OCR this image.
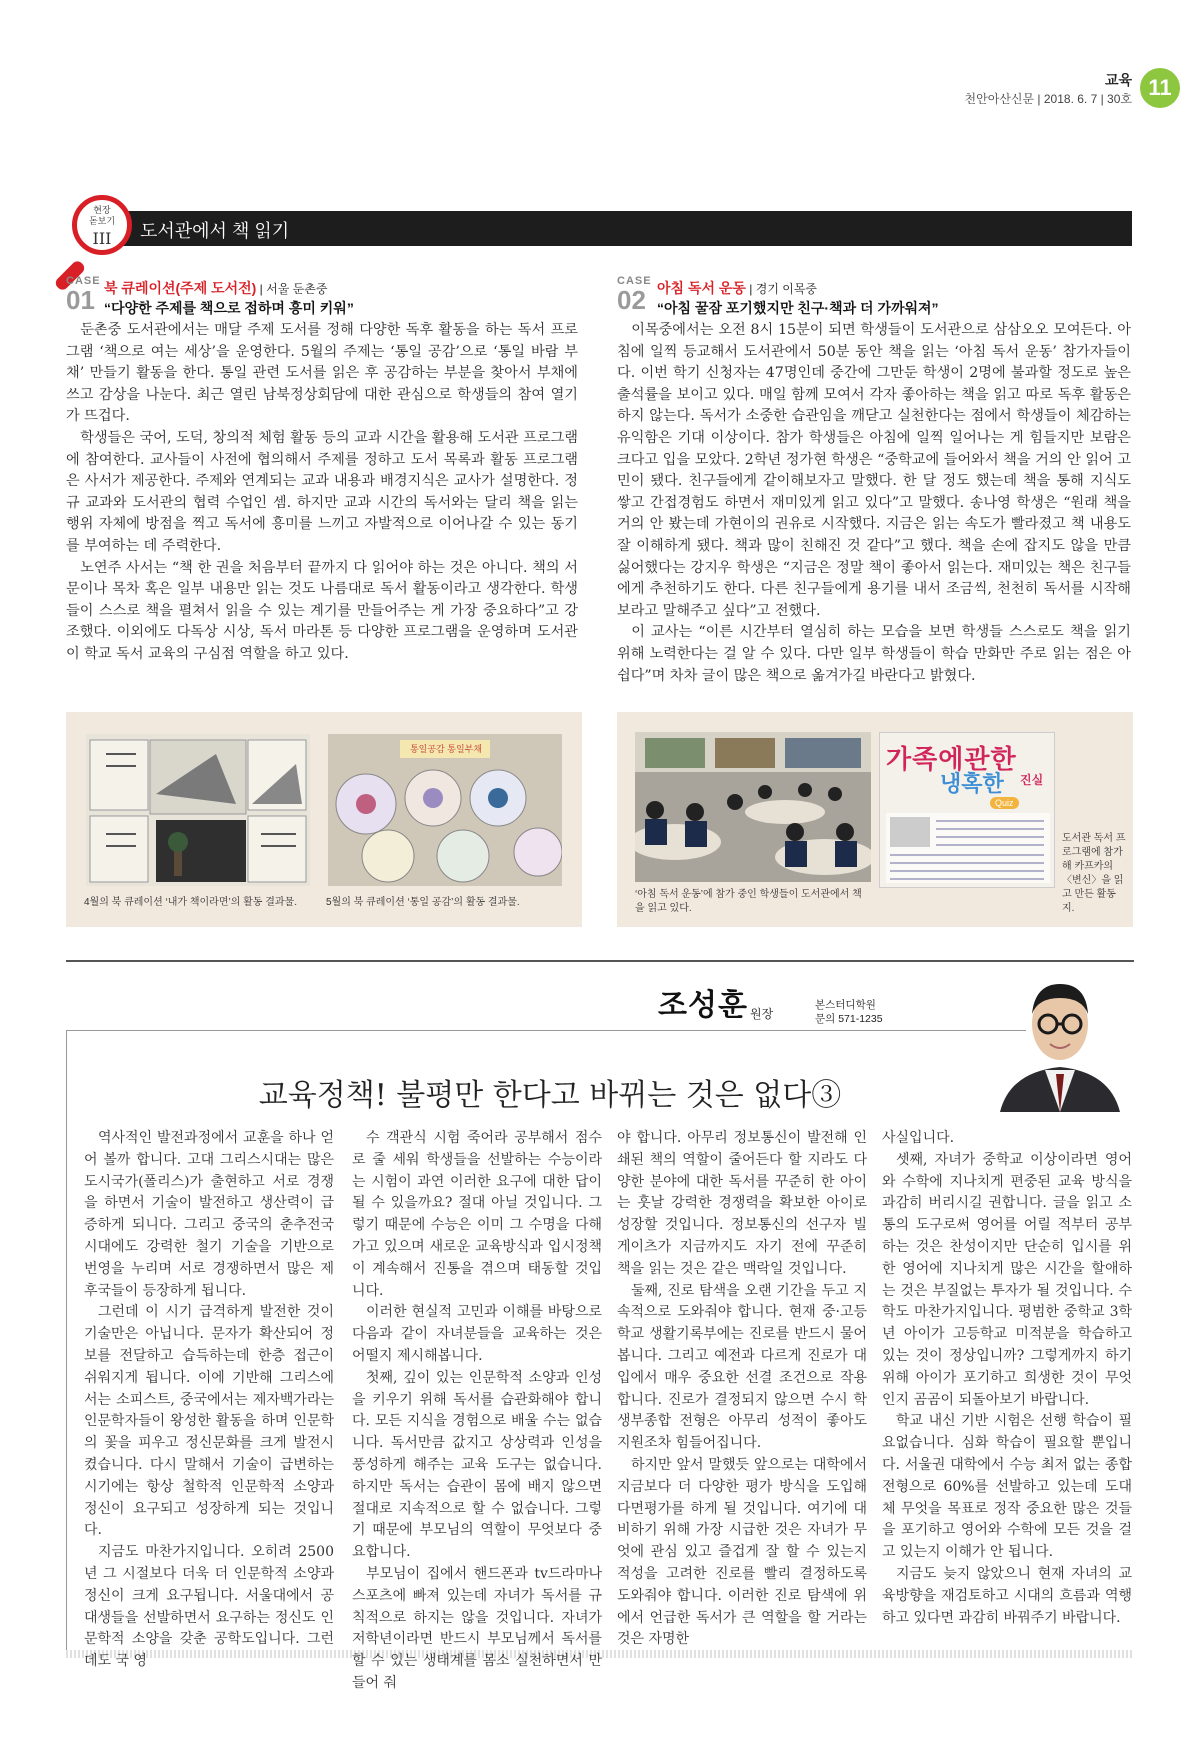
교육
천안아산신문 | 2018. 6. 7 | 30호 11
도서관에서 책 읽기
현장
돋보기
III
CASE
01 북 큐레이션(주제 도서전) | 서울 둔촌중
“다양한 주제를 책으로 접하며 흥미 키워”

둔촌중 도서관에서는 매달 주제 도서를 정해 다양한 독후 활동을 하는 독서 프로그램 ‘책으로 여는 세상’을 운영한다. 5월의 주제는 ‘통일 공감’으로 ‘통일 바람 부채’ 만들기 활동을 한다. 통일 관련 도서를 읽은 후 공감하는 부분을 찾아서 부채에 쓰고 감상을 나눈다. 최근 열린 남북정상회담에 대한 관심으로 학생들의 참여 열기가 뜨겁다.

학생들은 국어, 도덕, 창의적 체험 활동 등의 교과 시간을 활용해 도서관 프로그램에 참여한다. 교사들이 사전에 협의해서 주제를 정하고 도서 목록과 활동 프로그램은 사서가 제공한다. 주제와 연계되는 교과 내용과 배경지식은 교사가 설명한다. 정규 교과와 도서관의 협력 수업인 셈. 하지만 교과 시간의 독서와는 달리 책을 읽는 행위 자체에 방점을 찍고 독서에 흥미를 느끼고 자발적으로 이어나갈 수 있는 동기를 부여하는 데 주력한다.

노연주 사서는 “책 한 권을 처음부터 끝까지 다 읽어야 하는 것은 아니다. 책의 서문이나 목차 혹은 일부 내용만 읽는 것도 나름대로 독서 활동이라고 생각한다. 학생들이 스스로 책을 펼쳐서 읽을 수 있는 계기를 만들어주는 게 가장 중요하다”고 강조했다. 이외에도 다독상 시상, 독서 마라톤 등 다양한 프로그램을 운영하며 도서관이 학교 독서 교육의 구심점 역할을 하고 있다.

CASE
02 아침 독서 운동 | 경기 이목중
“아침 꿀잠 포기했지만 친구·책과 더 가까워져”

이목중에서는 오전 8시 15분이 되면 학생들이 도서관으로 삼삼오오 모여든다. 아침에 일찍 등교해서 도서관에서 50분 동안 책을 읽는 ‘아침 독서 운동’ 참가자들이다. 이번 학기 신청자는 47명인데 중간에 그만둔 학생이 2명에 불과할 정도로 높은 출석률을 보이고 있다. 매일 함께 모여서 각자 좋아하는 책을 읽고 따로 독후 활동은 하지 않는다. 독서가 소중한 습관임을 깨닫고 실천한다는 점에서 학생들이 체감하는 유익함은 기대 이상이다. 참가 학생들은 아침에 일찍 일어나는 게 힘들지만 보람은 크다고 입을 모았다. 2학년 정가현 학생은 “중학교에 들어와서 책을 거의 안 읽어 고민이 됐다. 친구들에게 같이해보자고 말했다. 한 달 정도 했는데 책을 통해 지식도 쌓고 간접경험도 하면서 재미있게 읽고 있다”고 말했다. 송나영 학생은 “원래 책을 거의 안 봤는데 가현이의 권유로 시작했다. 지금은 읽는 속도가 빨라졌고 책 내용도 잘 이해하게 됐다. 책과 많이 친해진 것 같다”고 했다. 책을 손에 잡지도 않을 만큼 싫어했다는 강지우 학생은 “지금은 정말 책이 좋아서 읽는다. 재미있는 책은 친구들에게 추천하기도 한다. 다른 친구들에게 용기를 내서 조금씩, 천천히 독서를 시작해보라고 말해주고 싶다”고 전했다.

이 교사는 “이른 시간부터 열심히 하는 모습을 보면 학생들 스스로도 책을 읽기 위해 노력한다는 걸 알 수 있다. 다만 일부 학생들이 학습 만화만 주로 읽는 점은 아쉽다”며 차차 글이 많은 책으로 옮겨가길 바란다고 밝혔다.

통일공감 통일부채
4월의 북 큐레이션 ‘내가 책이라면’의 활동 결과물.	5월의 북 큐레이션 ‘통일 공감’의 활동 결과물.
가족에관한
냉혹한 진실
Quiz
‘아침 독서 운동’에 참가 중인 학생들이 도서관에서 책을 읽고 있다.
도서관 독서 프로그램에 참가해 카프카의 〈변신〉을 읽고 만든 활동지.
조성훈 원장
본스터디학원
문의 571-1235
교육정책! 불평만 한다고 바뀌는 것은 없다③

역사적인 발전과정에서 교훈을 하나 얻어 볼까 합니다. 고대 그리스시대는 많은 도시국가(폴리스)가 출현하고 서로 경쟁을 하면서 기술이 발전하고 생산력이 급증하게 되니다. 그리고 중국의 춘추전국시대에도 강력한 철기 기술을 기반으로 번영을 누리며 서로 경쟁하면서 많은 제후국들이 등장하게 됩니다.

그런데 이 시기 급격하게 발전한 것이 기술만은 아닙니다. 문자가 확산되어 정보를 전달하고 습득하는데 한층 접근이 쉬워지게 됩니다. 이에 기반해 그리스에서는 소피스트, 중국에서는 제자백가라는 인문학자들이 왕성한 활동을 하며 인문학의 꽃을 피우고 정신문화를 크게 발전시켰습니다. 다시 말해서 기술이 급변하는 시기에는 항상 철학적 인문학적 소양과 정신이 요구되고 성장하게 되는 것입니다.

지금도 마찬가지입니다. 오히려 2500년 그 시절보다 더욱 더 인문학적 소양과 정신이 크게 요구됩니다. 서울대에서 공대생들을 선발하면서 요구하는 정신도 인문학적 소양을 갖춘 공학도입니다. 그런데도 국 영

수 객관식 시험 죽어라 공부해서 점수로 줄 세워 학생들을 선발하는 수능이라는 시험이 과연 이러한 요구에 대한 답이 될 수 있을까요? 절대 아닐 것입니다. 그렇기 때문에 수능은 이미 그 수명을 다해가고 있으며 새로운 교육방식과 입시정책이 계속해서 진통을 겪으며 태동할 것입니다.

이러한 현실적 고민과 이해를 바탕으로 다음과 같이 자녀분들을 교육하는 것은 어떨지 제시해봅니다.

첫째, 깊이 있는 인문학적 소양과 인성을 키우기 위해 독서를 습관화해야 합니다. 모든 지식을 경험으로 배울 수는 없습니다. 독서만큼 값지고 상상력과 인성을 풍성하게 해주는 교육 도구는 없습니다. 하지만 독서는 습관이 몸에 배지 않으면 절대로 지속적으로 할 수 없습니다. 그렇기 때문에 부모님의 역할이 무엇보다 중요합니다.

부모님이 집에서 핸드폰과 tv드라마나 스포츠에 빠져 있는데 자녀가 독서를 규칙적으로 하지는 않을 것입니다. 자녀가 저학년이라면 반드시 부모님께서 독서를 할 수 있는 생태계를 몸소 실천하면서 만들어 줘

야 합니다. 아무리 정보통신이 발전해 인쇄된 책의 역할이 줄어든다 할 지라도 다양한 분야에 대한 독서를 꾸준히 한 아이는 훗날 강력한 경쟁력을 확보한 아이로 성장할 것입니다. 정보통신의 선구자 빌게이츠가 지금까지도 자기 전에 꾸준히 책을 읽는 것은 같은 맥락일 것입니다.

둘째, 진로 탐색을 오랜 기간을 두고 지속적으로 도와줘야 합니다. 현재 중·고등학교 생활기록부에는 진로를 반드시 물어봅니다. 그리고 예전과 다르게 진로가 대입에서 매우 중요한 선결 조건으로 작용합니다. 진로가 결정되지 않으면 수시 학생부종합 전형은 아무리 성적이 좋아도 지원조차 힘들어집니다.

하지만 앞서 말했듯 앞으로는 대학에서 지금보다 더 다양한 평가 방식을 도입해 다면평가를 하게 될 것입니다. 여기에 대비하기 위해 가장 시급한 것은 자녀가 무엇에 관심 있고 즐겁게 잘 할 수 있는지 적성을 고려한 진로를 빨리 결정하도록 도와줘야 합니다. 이러한 진로 탐색에 위에서 언급한 독서가 큰 역할을 할 거라는 것은 자명한

사실입니다.

셋째, 자녀가 중학교 이상이라면 영어와 수학에 지나치게 편중된 교육 방식을 과감히 버리시길 권합니다. 글을 읽고 소통의 도구로써 영어를 어릴 적부터 공부하는 것은 찬성이지만 단순히 입시를 위한 영어에 지나치게 많은 시간을 할애하는 것은 부질없는 투자가 될 것입니다. 수학도 마찬가지입니다. 평범한 중학교 3학년 아이가 고등학교 미적분을 학습하고 있는 것이 정상입니까? 그렇게까지 하기 위해 아이가 포기하고 희생한 것이 무엇인지 곰곰이 되돌아보기 바랍니다.

학교 내신 기반 시험은 선행 학습이 필요없습니다. 심화 학습이 필요할 뿐입니다. 서울권 대학에서 수능 최저 없는 종합전형으로 60%를 선발하고 있는데 도대체 무엇을 목표로 정작 중요한 많은 것들을 포기하고 영어와 수학에 모든 것을 걸고 있는지 이해가 안 됩니다.

지금도 늦지 않았으니 현재 자녀의 교육방향을 재검토하고 시대의 흐름과 역행하고 있다면 과감히 바꿔주기 바랍니다.
